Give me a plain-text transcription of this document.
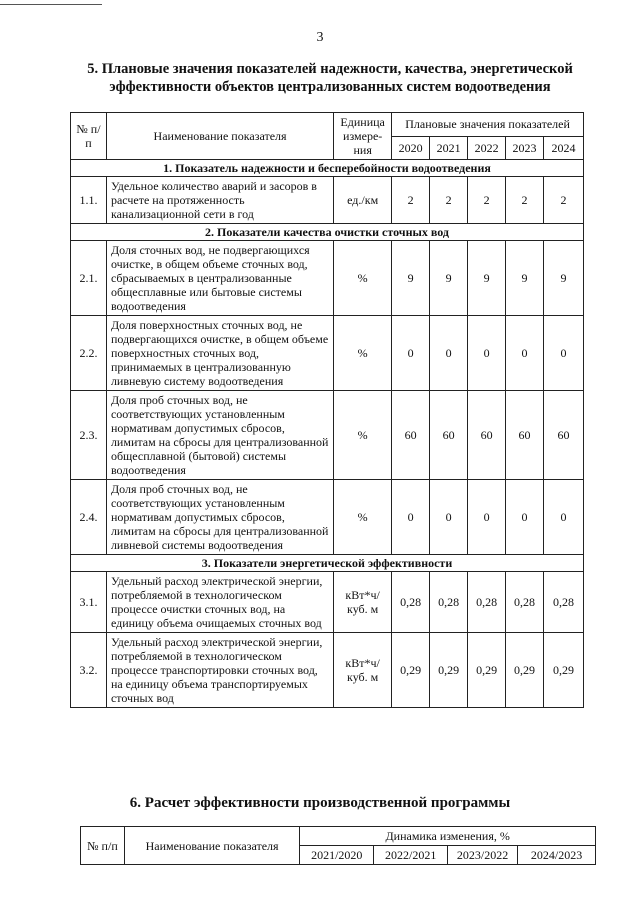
3
5. Плановые значения показателей надежности, качества, энергетической эффективности объектов централизованных систем водоотведения
№ п/п	Наименование показателя	Единица измере-ния	Плановые значения показателей				
			2020	2021	2022	2023	2024
1. Показатель надежности и бесперебойности водоотведения							
1.1.	Удельное количество аварий и засоров в расчете на протяженность канализационной сети в год	ед./км	2	2	2	2	2
2. Показатели качества очистки сточных вод							
2.1.	Доля сточных вод, не подвергающихся очистке, в общем объеме сточных вод, сбрасываемых в централизованные общесплавные или бытовые системы водоотведения	%	9	9	9	9	9
2.2.	Доля поверхностных сточных вод, не подвергающихся очистке, в общем объеме поверхностных сточных вод, принимаемых в централизованную ливневую систему водоотведения	%	0	0	0	0	0
2.3.	Доля проб сточных вод, не соответствующих установленным нормативам допустимых сбросов, лимитам на сбросы для централизованной общесплавной (бытовой) системы водоотведения	%	60	60	60	60	60
2.4.	Доля проб сточных вод, не соответствующих установленным нормативам допустимых сбросов, лимитам на сбросы для централизованной ливневой системы водоотведения	%	0	0	0	0	0
3. Показатели энергетической эффективности							
3.1.	Удельный расход электрической энергии, потребляемой в технологическом процессе очистки сточных вод, на единицу объема очищаемых сточных вод	кВт*ч/ куб. м	0,28	0,28	0,28	0,28	0,28
3.2.	Удельный расход электрической энергии, потребляемой в технологическом процессе транспортировки сточных вод, на единицу объема транспортируемых сточных вод	кВт*ч/ куб. м	0,29	0,29	0,29	0,29	0,29
6. Расчет эффективности производственной программы
№ п/п	Наименование показателя	Динамика изменения, %			
		2021/2020	2022/2021	2023/2022	2024/2023
